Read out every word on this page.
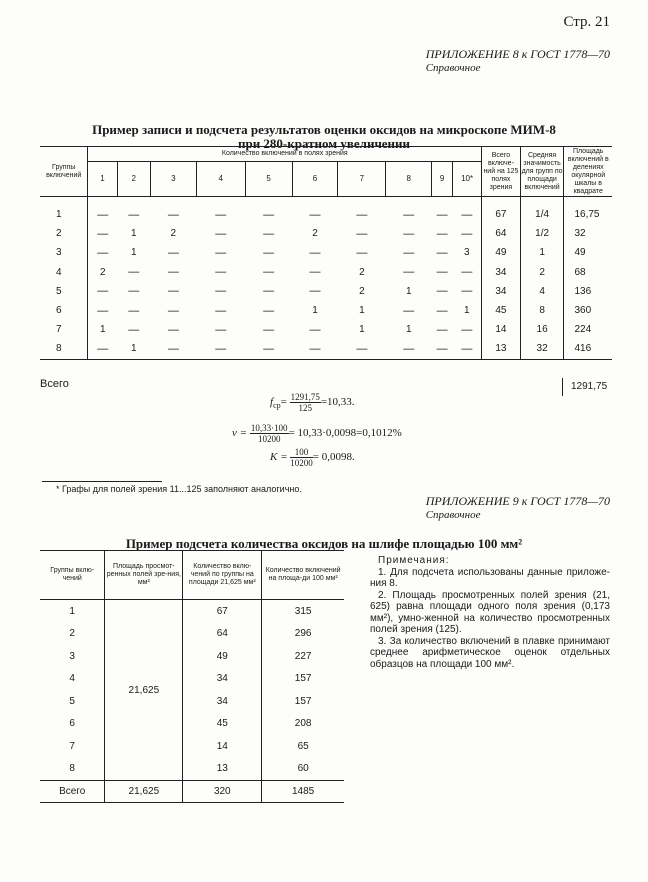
Стр. 21
ПРИЛОЖЕНИЕ 8 к ГОСТ 1778—70
Справочное
Пример записи и подсчета результатов оценки оксидов на микроскопе МИМ-8
при 280-кратном увеличении
Группы включений	Количество включений в полях зрения										Всего включе-ний на 125 полях зрения	Средняя значимость для групп по площади включений	Площадь включений в делениях окулярной шкалы в квадрате
	1	2	3	4	5	6	7	8	9	10*			

1	—	—	—	—	—	—	—	—	—	—	67	1/4	16,75
2	—	1	2	—	—	2	—	—	—	—	64	1/2	32
3	—	1	—	—	—	—	—	—	—	3	49	1	49
4	2	—	—	—	—	—	2	—	—	—	34	2	68
5	—	—	—	—	—	—	2	1	—	—	34	4	136
6	—	—	—	—	—	1	1	—	—	1	45	8	360
7	1	—	—	—	—	—	1	1	—	—	14	16	224
8	—	1	—	—	—	—	—	—	—	—	13	32	416
Всего	1291,75
$f_{ср}= \frac{1291,75}{125} =10,33$.
$v = \frac{10,33\cdot 100}{10200} = 10,33\cdot 0,0098=0,1012\%$
$K = \frac{100}{10200} = 0,0098$.
* Графы для полей зрения 11...125 заполняют аналогично.
ПРИЛОЖЕНИЕ 9 к ГОСТ 1778—70
Справочное
Пример подсчета количества оксидов на шлифе площадью 100 мм²
Группы вклю-чений	Площадь просмот-ренных полей зре-ния, мм²	Количество вклю-чений по группы на площади 21,625 мм²	Количество включений на площа-ди 100 мм²
1	21,625	67	315
2		64	296
3		49	227
4		34	157
5		34	157
6		45	208
7		14	65
8		13	60
Всего	21,625	320	1485

Примечания:

1. Для подсчета использованы данные приложе-ния 8.

2. Площадь просмотренных полей зрения (21, 625) равна площади одного поля зрения (0,173 мм²), умно-женной на количество просмотренных полей зрения (125).

3. За количество включений в плавке принимают среднее арифметическое оценок отдельных образцов на площади 100 мм².
